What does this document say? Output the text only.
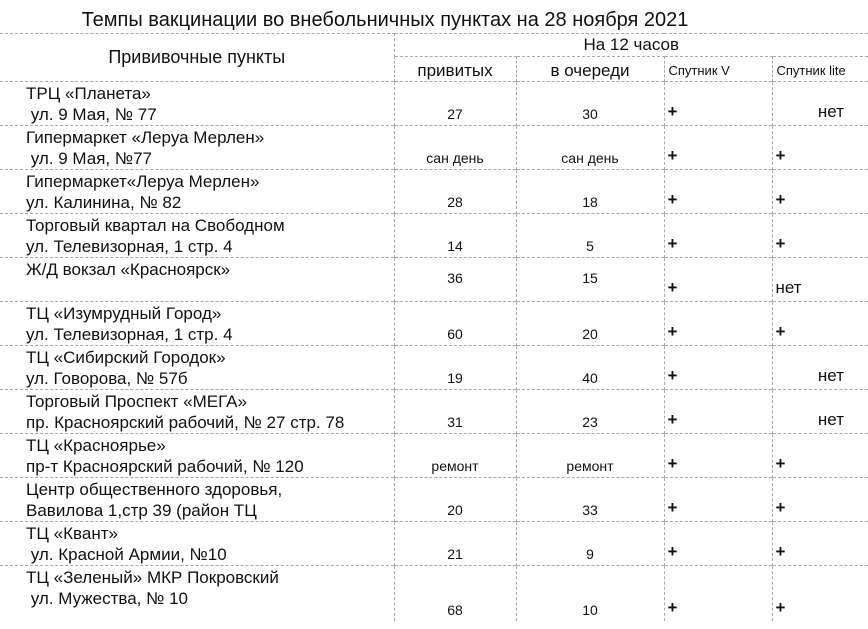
Темпы вакцинации во внебольничных пунктах на 28 ноября 2021
Прививочные пункты	На 12 часов			
	привитых	в очереди	Спутник V	Спутник lite

ТРЦ «Планета»
ул. 9 Мая, № 77	27	30	+	нет

Гипермаркет «Леруа Мерлен»
ул. 9 Мая, №77	сан день	сан день	+	+

Гипермаркет«Леруа Мерлен»
ул. Калинина, № 82	28	18	+	+

Торговый квартал на Свободном
ул. Телевизорная, 1 стр. 4	14	5	+	+

Ж/Д вокзал «Красноярск»	36	15	+	нет

ТЦ «Изумрудный Город»
ул. Телевизорная, 1 стр. 4	60	20	+	+

ТЦ «Сибирский Городок»
ул. Говорова, № 57б	19	40	+	нет

Торговый Проспект «МЕГА»
пр. Красноярский рабочий, № 27 стр. 78	31	23	+	нет

ТЦ «Красноярье»
пр-т Красноярский рабочий, № 120	ремонт	ремонт	+	+

Центр общественного здоровья,
Вавилова 1,стр 39 (район ТЦ	20	33	+	+

ТЦ «Квант»
ул. Красной Армии, №10	21	9	+	+

ТЦ «Зеленый» МКР Покровский
ул. Мужества, № 10	68	10	+	+
